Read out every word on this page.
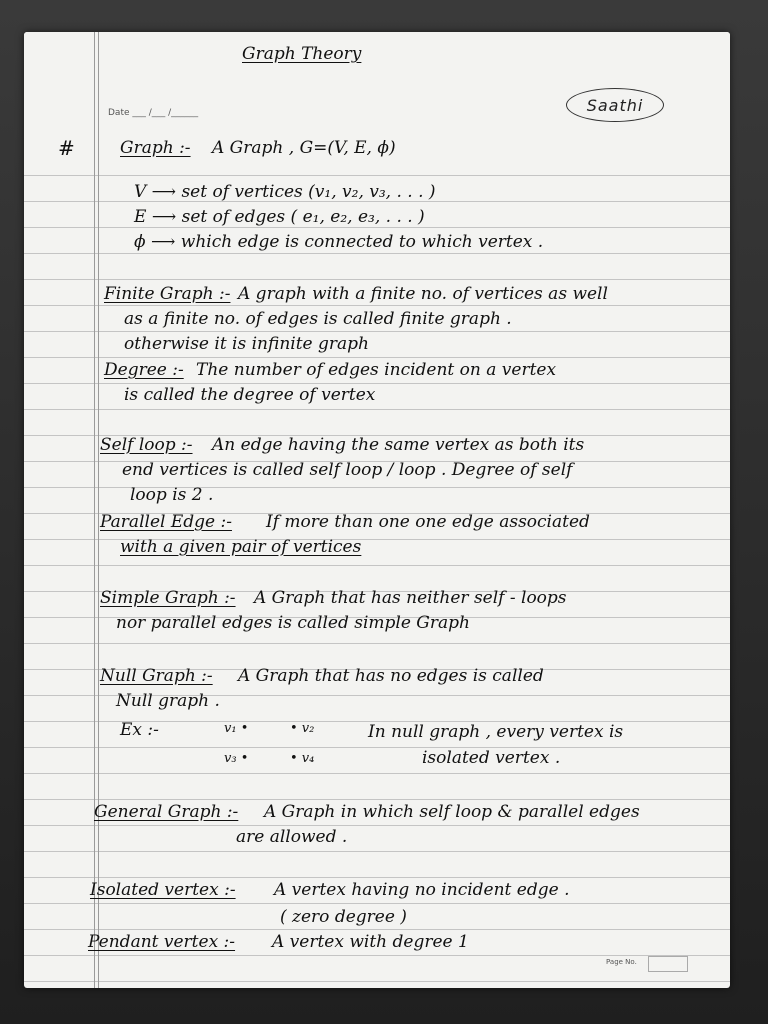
Graph Theory
Date ___ /___ /______	Saathi
#	Graph :- A Graph , G=(V, E, ϕ)
V ⟶ set of vertices (v₁, v₂, v₃, . . . )
E ⟶ set of edges ( e₁, e₂, e₃, . . . )
ϕ ⟶ which edge is connected to which vertex .
Finite Graph :- A graph with a finite no. of vertices as well
as a finite no. of edges is called finite graph .
otherwise it is infinite graph
Degree :- The number of edges incident on a vertex
is called the degree of vertex
Self loop :- An edge having the same vertex as both its
end vertices is called self loop / loop . Degree of self
loop is 2 .
Parallel Edge :- If more than one one edge associated
with a given pair of vertices
Simple Graph :- A Graph that has neither self - loops
nor parallel edges is called simple Graph
Null Graph :- A Graph that has no edges is called
Null graph .
Ex :-	v₁ •	• v₂	In null graph , every vertex is
v₃ •	• v₄	isolated vertex .
General Graph :- A Graph in which self loop & parallel edges
are allowed .
Isolated vertex :- A vertex having no incident edge .
( zero degree )
Pendant vertex :- A vertex with degree 1
Page No.
